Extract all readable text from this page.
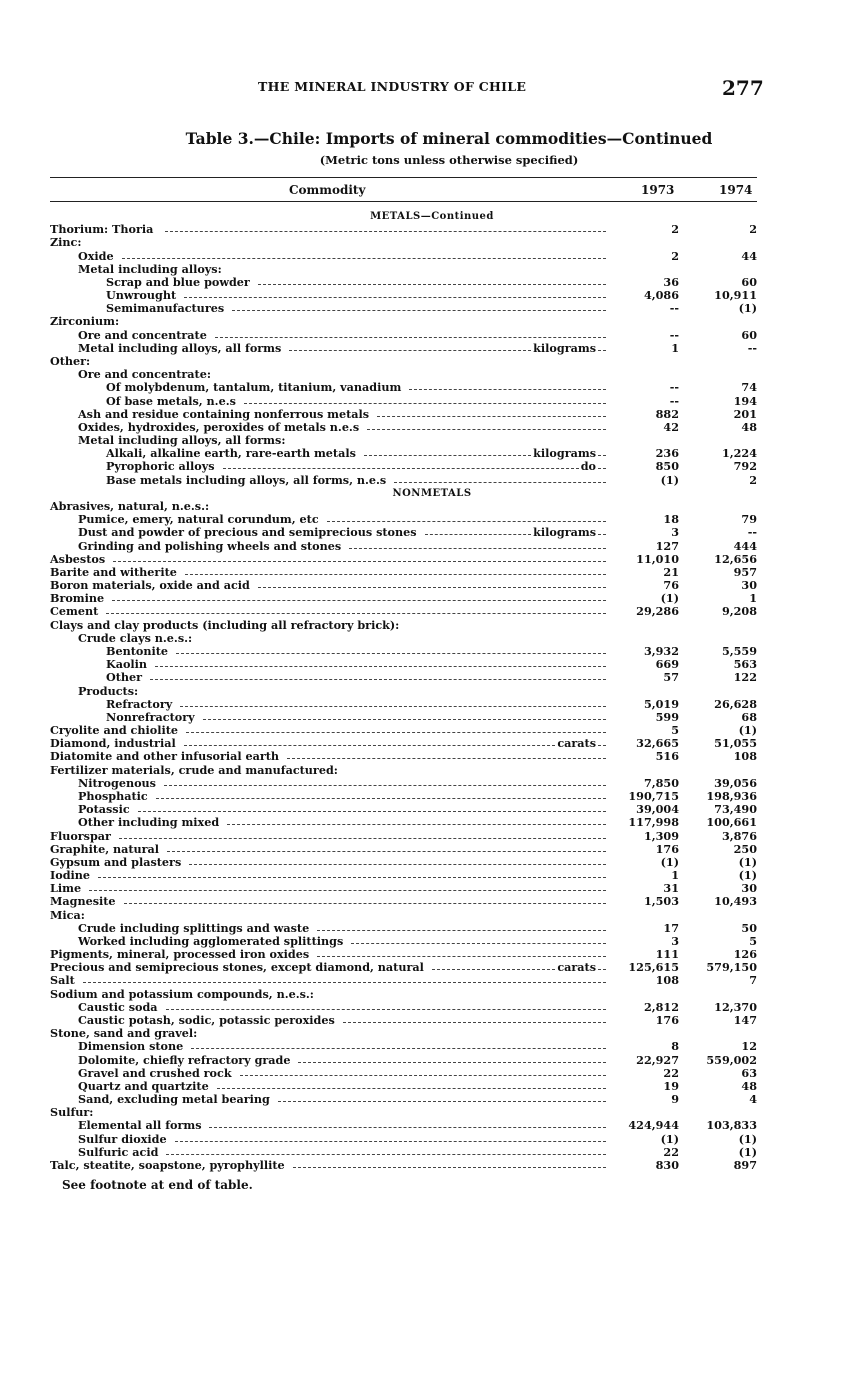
THE MINERAL INDUSTRY OF CHILE	277
Table 3.—Chile: Imports of mineral commodities—Continued
(Metric tons unless otherwise specified)
Commodity	1973	1974
METALS—Continued
Thorium: Thoria	2	2
Zinc:
Oxide	2	44
Metal including alloys:
Scrap and blue powder	36	60
Unwrought	4,086	10,911
Semimanufactures	--	(1)
Zirconium:
Ore and concentrate	--	60
Metal including alloys, all forms	kilograms	1	--
Other:
Ore and concentrate:
Of molybdenum, tantalum, titanium, vanadium	--	74
Of base metals, n.e.s	--	194
Ash and residue containing nonferrous metals	882	201
Oxides, hydroxides, peroxides of metals n.e.s	42	48
Metal including alloys, all forms:
Alkali, alkaline earth, rare-earth metals	kilograms	236	1,224
Pyrophoric alloys	do	850	792
Base metals including alloys, all forms, n.e.s	(1)	2
NONMETALS
Abrasives, natural, n.e.s.:
Pumice, emery, natural corundum, etc	18	79
Dust and powder of precious and semiprecious stones	kilograms	3	--
Grinding and polishing wheels and stones	127	444
Asbestos	11,010	12,656
Barite and witherite	21	957
Boron materials, oxide and acid	76	30
Bromine	(1)	1
Cement	29,286	9,208
Clays and clay products (including all refractory brick):
Crude clays n.e.s.:
Bentonite	3,932	5,559
Kaolin	669	563
Other	57	122
Products:
Refractory	5,019	26,628
Nonrefractory	599	68
Cryolite and chiolite	5	(1)
Diamond, industrial	carats	32,665	51,055
Diatomite and other infusorial earth	516	108
Fertilizer materials, crude and manufactured:
Nitrogenous	7,850	39,056
Phosphatic	190,715 198,936
Potassic	39,004	73,490
Other including mixed	117,998 100,661
Fluorspar	1,309	3,876
Graphite, natural	176	250
Gypsum and plasters	(1)	(1)
Iodine	1	(1)
Lime	31	30
Magnesite	1,503	10,493
Mica:
Crude including splittings and waste	17	50
Worked including agglomerated splittings	3	5
Pigments, mineral, processed iron oxides	111	126
Precious and semiprecious stones, except diamond, natural	carats	125,615 579,150
Salt	108	7
Sodium and potassium compounds, n.e.s.:
Caustic soda	2,812	12,370
Caustic potash, sodic, potassic peroxides	176	147
Stone, sand and gravel:
Dimension stone	8	12
Dolomite, chiefly refractory grade	22,927 559,002
Gravel and crushed rock	22	63
Quartz and quartzite	19	48
Sand, excluding metal bearing	9	4
Sulfur:
Elemental all forms	424,944 103,833
Sulfur dioxide	(1)	(1)
Sulfuric acid	22	(1)
Talc, steatite, soapstone, pyrophyllite	830	897
See footnote at end of table.
